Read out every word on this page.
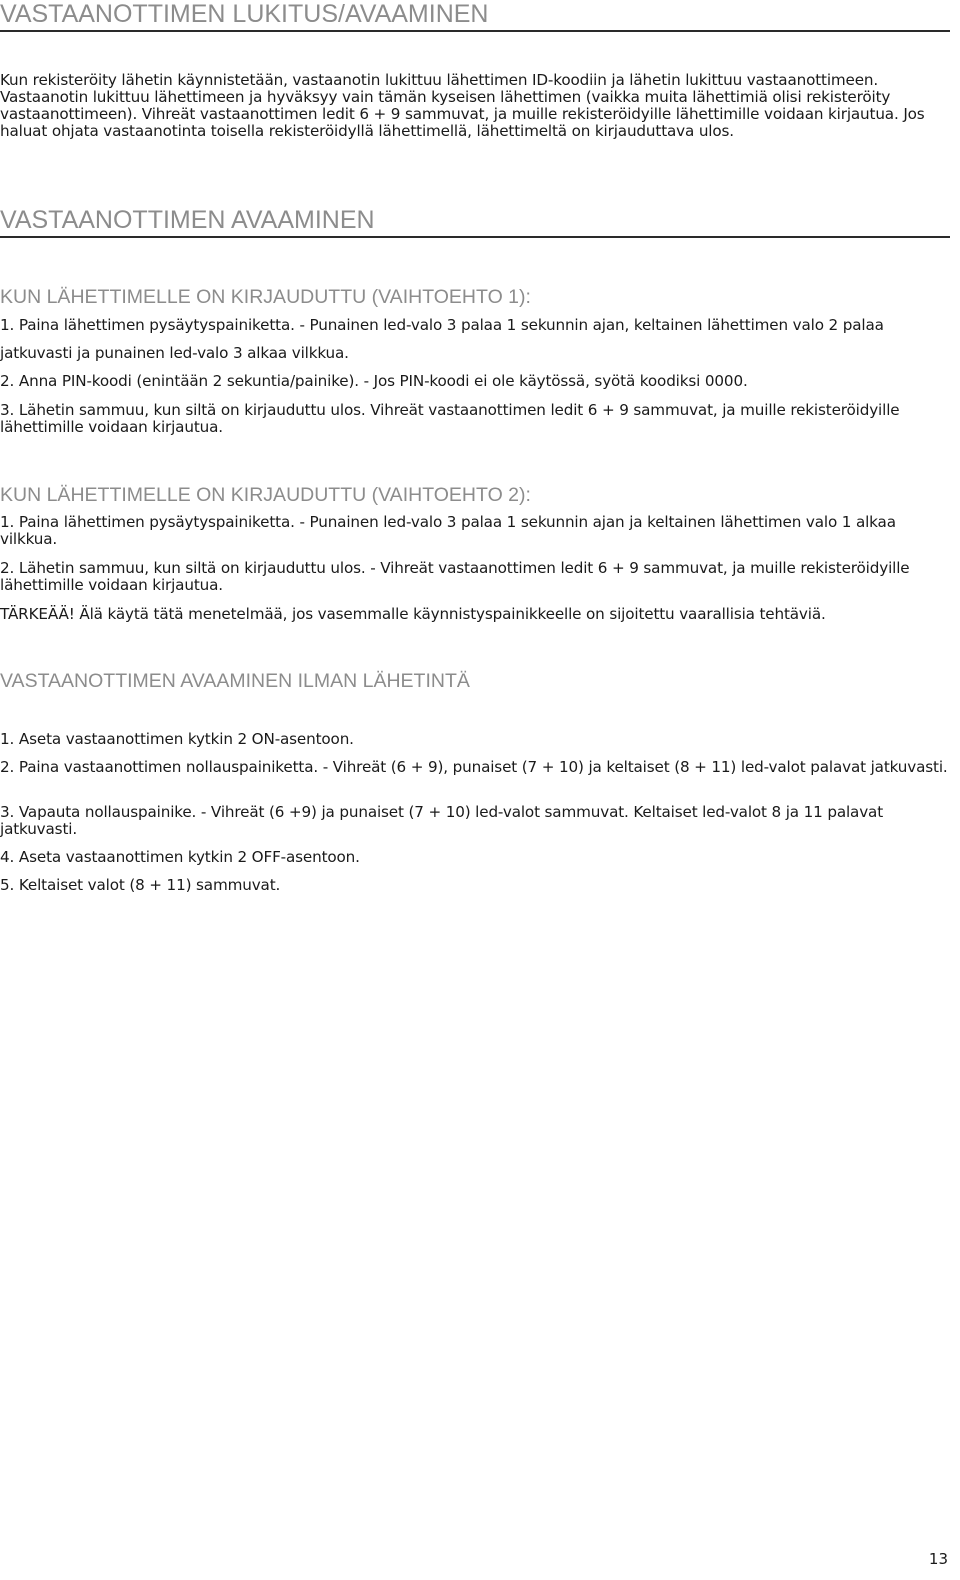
VASTAANOTTIMEN LUKITUS/AVAAMINEN

Kun rekisteröity lähetin käynnistetään, vastaanotin lukittuu lähettimen ID-koodiin ja lähetin lukittuu vastaanottimeen. Vastaanotin lukittuu lähettimeen ja hyväksyy vain tämän kyseisen lähettimen (vaikka muita lähettimiä olisi rekisteröity vastaanottimeen). Vihreät vastaanottimen ledit 6 + 9 sammuvat, ja muille rekisteröidyille lähettimille voidaan kirjautua. Jos haluat ohjata vastaanotinta toisella rekisteröidyllä lähettimellä, lähettimeltä on kirjauduttava ulos.

VASTAANOTTIMEN AVAAMINEN
KUN LÄHETTIMELLE ON KIRJAUDUTTU (VAIHTOEHTO 1):

1. Paina lähettimen pysäytyspainiketta. - Punainen led-valo 3 palaa 1 sekunnin ajan, keltainen lähettimen valo 2 palaa jatkuvasti ja punainen led-valo 3 alkaa vilkkua.

2. Anna PIN-koodi (enintään 2 sekuntia/painike). - Jos PIN-koodi ei ole käytössä, syötä koodiksi 0000.

3. Lähetin sammuu, kun siltä on kirjauduttu ulos. Vihreät vastaanottimen ledit 6 + 9 sammuvat, ja muille rekisteröidyille lähettimille voidaan kirjautua.

KUN LÄHETTIMELLE ON KIRJAUDUTTU (VAIHTOEHTO 2):

1. Paina lähettimen pysäytyspainiketta. - Punainen led-valo 3 palaa 1 sekunnin ajan ja keltainen lähettimen valo 1 alkaa vilkkua.

2. Lähetin sammuu, kun siltä on kirjauduttu ulos. - Vihreät vastaanottimen ledit 6 + 9 sammuvat, ja muille rekisteröidyille lähettimille voidaan kirjautua.

TÄRKEÄÄ! Älä käytä tätä menetelmää, jos vasemmalle käynnistyspainikkeelle on sijoitettu vaarallisia tehtäviä.

VASTAANOTTIMEN AVAAMINEN ILMAN LÄHETINTÄ

1. Aseta vastaanottimen kytkin 2 ON-asentoon.

2. Paina vastaanottimen nollauspainiketta. - Vihreät (6 + 9), punaiset (7 + 10) ja keltaiset (8 + 11) led-valot palavat jatkuvasti.

3. Vapauta nollauspainike. - Vihreät (6 +9) ja punaiset (7 + 10) led-valot sammuvat. Keltaiset led-valot 8 ja 11 palavat jatkuvasti.

4. Aseta vastaanottimen kytkin 2 OFF-asentoon.

5. Keltaiset valot (8 + 11) sammuvat.

13
